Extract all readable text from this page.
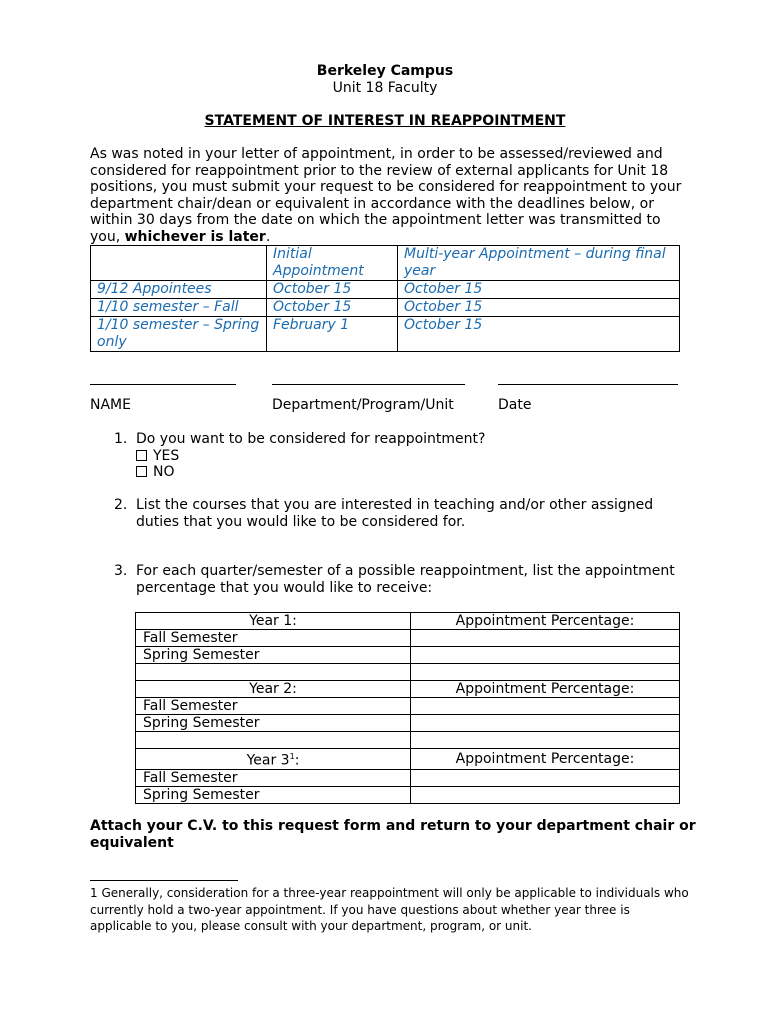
Berkeley Campus
Unit 18 Faculty
STATEMENT OF INTEREST IN REAPPOINTMENT
As was noted in your letter of appointment, in order to be assessed/reviewed and considered for reappointment prior to the review of external applicants for Unit 18 positions, you must submit your request to be considered for reappointment to your department chair/dean or equivalent in accordance with the deadlines below, or within 30 days from the date on which the appointment letter was transmitted to you, whichever is later.
	Initial Appointment	Multi-year Appointment – during final year
9/12 Appointees	October 15	October 15
1/10 semester – Fall	October 15	October 15
1/10 semester – Spring only	February 1	October 15
NAME	Department/Program/Unit	Date
1. Do you want to be considered for reappointment?
YES
NO
2. List the courses that you are interested in teaching and/or other assigned duties that you would like to be considered for.
3. For each quarter/semester of a possible reappointment, list the appointment percentage that you would like to receive:
Year 1:	Appointment Percentage:
Fall Semester	
Spring Semester	

Year 2:	Appointment Percentage:
Fall Semester	
Spring Semester	

Year $3^1$:	Appointment Percentage:
Fall Semester	
Spring Semester	
Attach your C.V. to this request form and return to your department chair or equivalent
1 Generally, consideration for a three-year reappointment will only be applicable to individuals who currently hold a two-year appointment. If you have questions about whether year three is applicable to you, please consult with your department, program, or unit.
